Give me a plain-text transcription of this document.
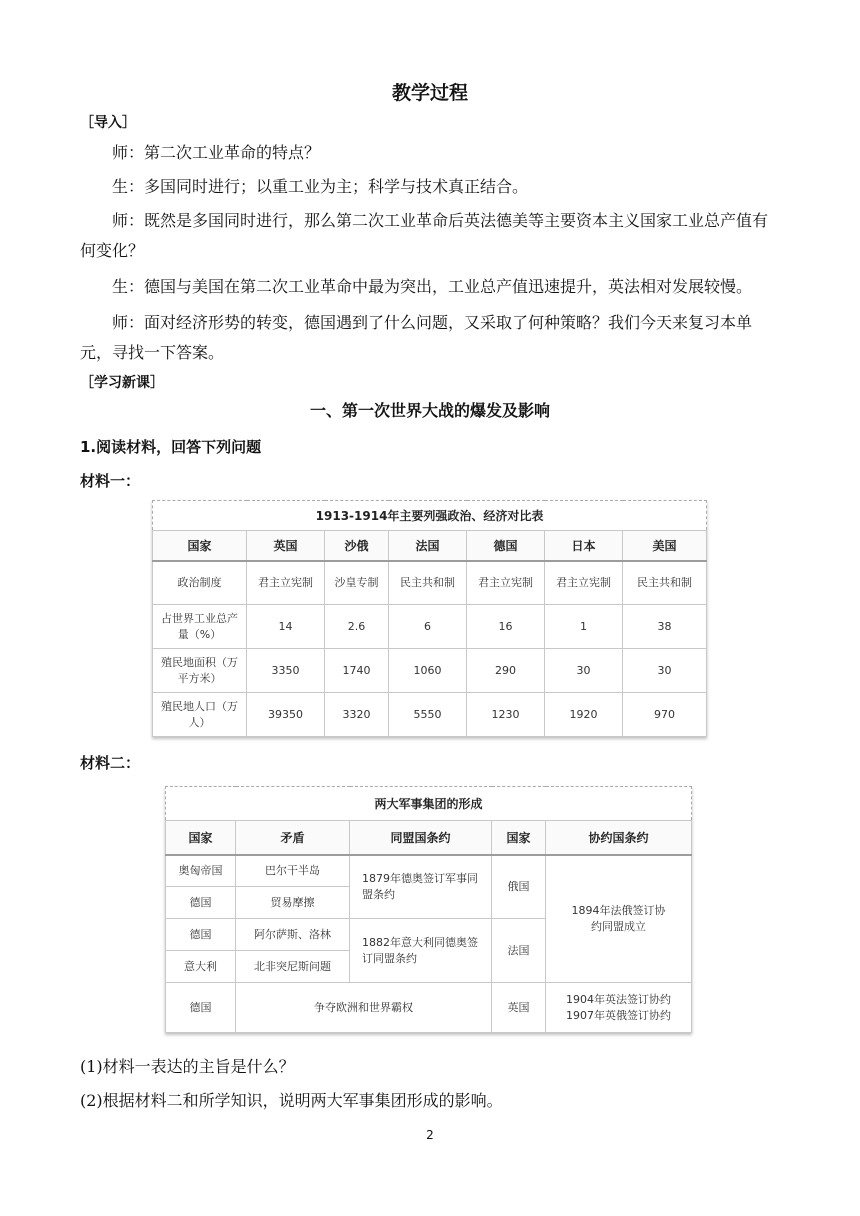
教学过程
［导入］
师：第二次工业革命的特点？
生：多国同时进行；以重工业为主；科学与技术真正结合。
师：既然是多国同时进行，那么第二次工业革命后英法德美等主要资本主义国家工业总产值有何变化？
生：德国与美国在第二次工业革命中最为突出，工业总产值迅速提升，英法相对发展较慢。
师：面对经济形势的转变，德国遇到了什么问题，又采取了何种策略？我们今天来复习本单元，寻找一下答案。
［学习新课］
一、第一次世界大战的爆发及影响
1.阅读材料，回答下列问题
材料一：
1913-1914年主要列强政治、经济对比表						
国家	英国	沙俄	法国	德国	日本	美国
政治制度	君主立宪制	沙皇专制	民主共和制	君主立宪制	君主立宪制	民主共和制
占世界工业总产量（%）	14	2.6	6	16	1	38
殖民地面积（万平方米）	3350	1740	1060	290	30	30
殖民地人口（万人）	39350	3320	5550	1230	1920	970
材料二：
两大军事集团的形成				
国家	矛盾	同盟国条约	国家	协约国条约
奥匈帝国	巴尔干半岛	1879年德奥签订军事同盟条约	俄国	1894年法俄签订协约同盟成立
德国	贸易摩擦			
德国	阿尔萨斯、洛林	1882年意大利同德奥签订同盟条约	法国	
意大利	北非突尼斯问题			
德国	争夺欧洲和世界霸权		英国	1904年英法签订协约
1907年英俄签订协约
(1)材料一表达的主旨是什么？
(2)根据材料二和所学知识，说明两大军事集团形成的影响。
2
